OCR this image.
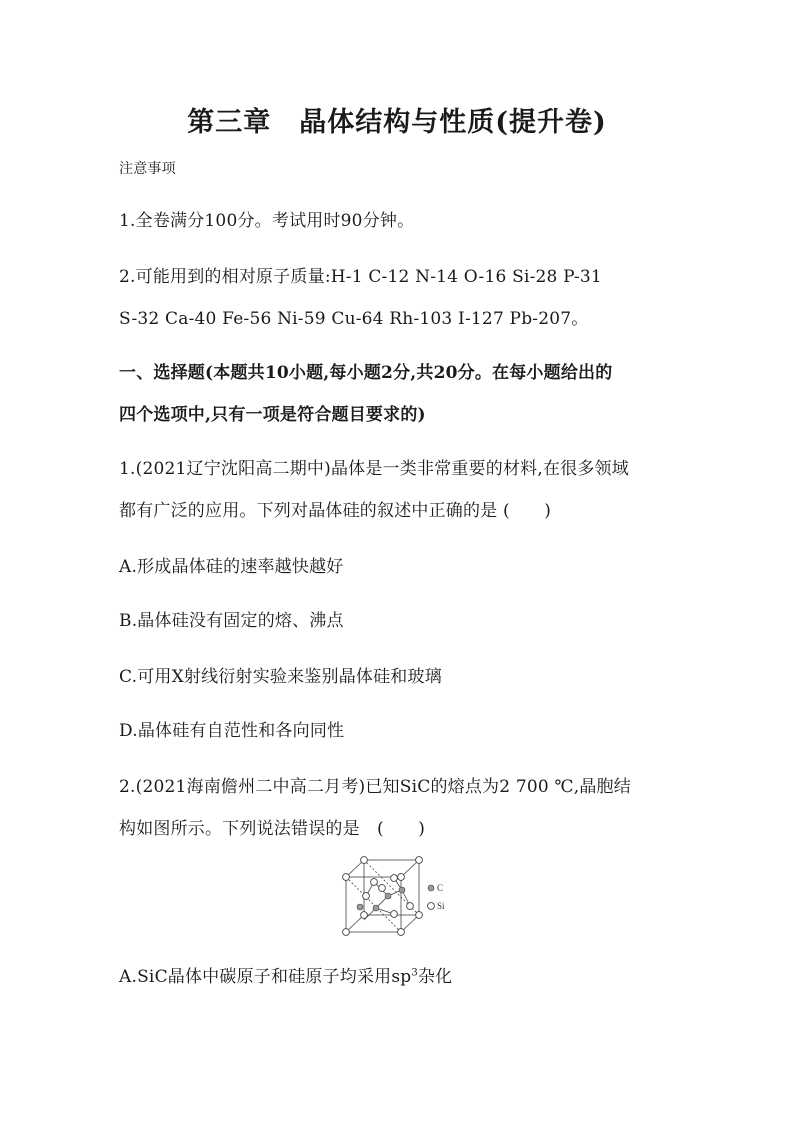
第三章　晶体结构与性质(提升卷)
注意事项
1.全卷满分100分。考试用时90分钟。
2.可能用到的相对原子质量:H-1 C-12 N-14 O-16 Si-28 P-31
S-32 Ca-40 Fe-56 Ni-59 Cu-64 Rh-103 I-127 Pb-207。
一、选择题(本题共10小题,每小题2分,共20分。在每小题给出的
四个选项中,只有一项是符合题目要求的)
1.(2021辽宁沈阳高二期中)晶体是一类非常重要的材料,在很多领域
都有广泛的应用。下列对晶体硅的叙述中正确的是 (　　)
A.形成晶体硅的速率越快越好
B.晶体硅没有固定的熔、沸点
C.可用X射线衍射实验来鉴别晶体硅和玻璃
D.晶体硅有自范性和各向同性
2.(2021海南儋州二中高二月考)已知SiC的熔点为2 700 ℃,晶胞结
构如图所示。下列说法错误的是　(　　)
C
Si
A.SiC晶体中碳原子和硅原子均采用$sp^3$杂化
